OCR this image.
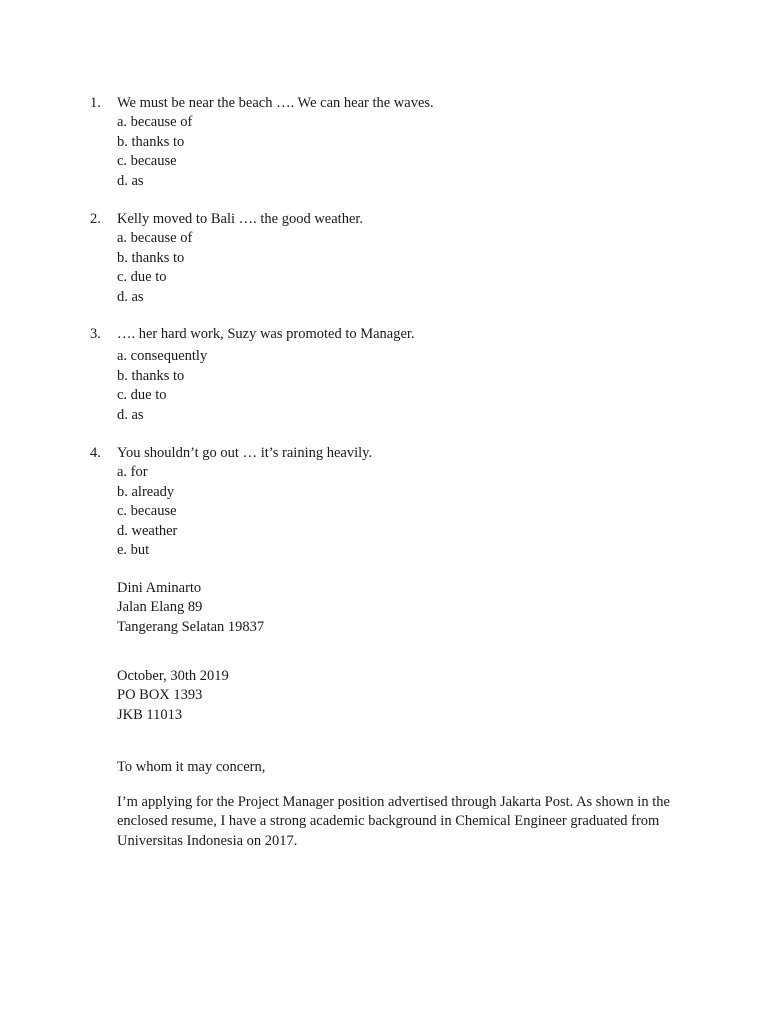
1. We must be near the beach …. We can hear the waves.
a. because of
b. thanks to
c. because
d. as
2. Kelly moved to Bali …. the good weather.
a. because of
b. thanks to
c. due to
d. as
3. …. her hard work, Suzy was promoted to Manager.
a. consequently
b. thanks to
c. due to
d. as
4. You shouldn’t go out … it’s raining heavily.
a. for
b. already
c. because
d. weather
e. but
Dini Aminarto
Jalan Elang 89
Tangerang Selatan 19837
October, 30th 2019
PO BOX 1393
JKB 11013
To whom it may concern,
I’m applying for the Project Manager position advertised through Jakarta Post. As shown in the enclosed resume, I have a strong academic background in Chemical Engineer graduated from Universitas Indonesia on 2017.
